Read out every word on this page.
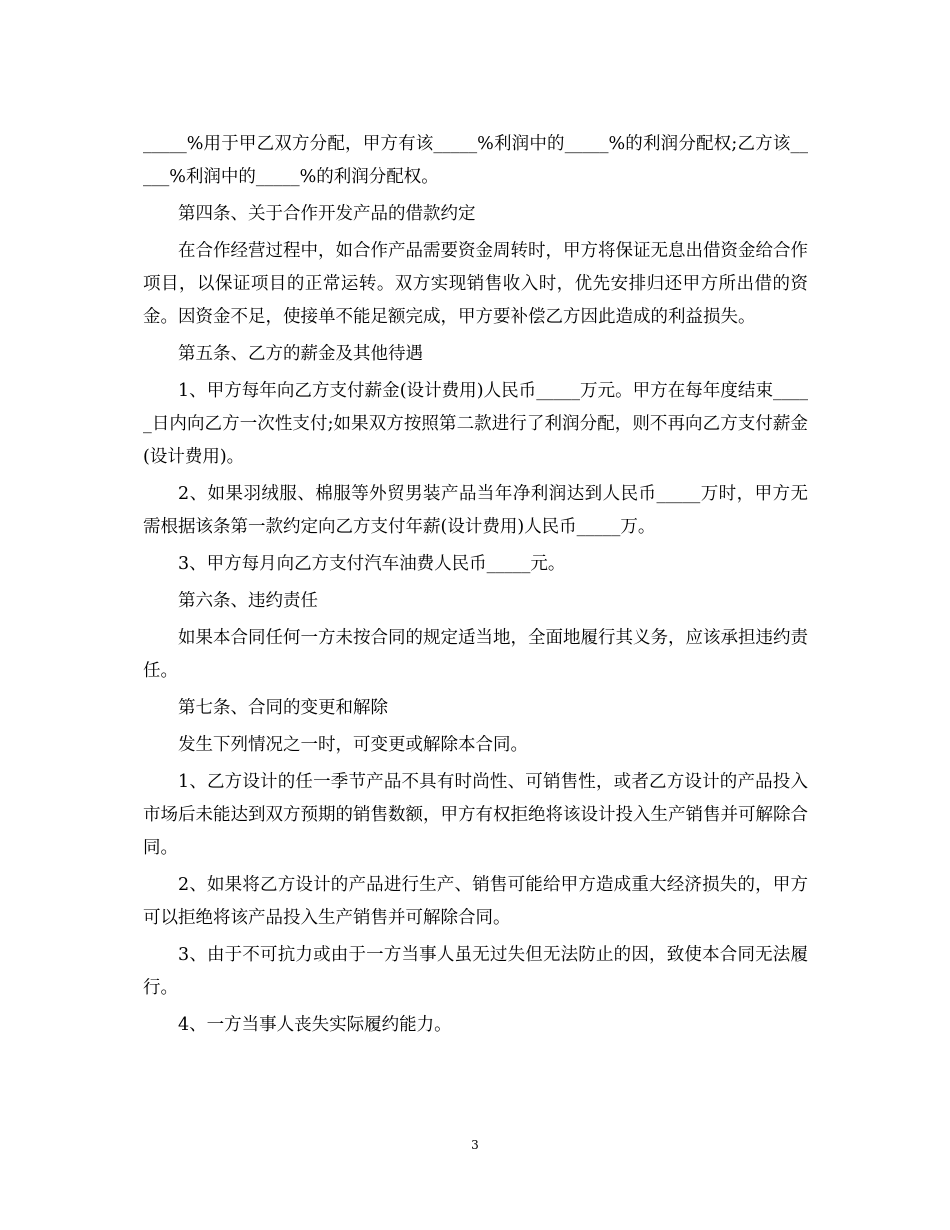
_____%用于甲乙双方分配，甲方有该_____%利润中的_____%的利润分配权;乙方该_____%利润中的_____%的利润分配权。

第四条、关于合作开发产品的借款约定

在合作经营过程中，如合作产品需要资金周转时，甲方将保证无息出借资金给合作项目，以保证项目的正常运转。双方实现销售收入时，优先安排归还甲方所出借的资金。因资金不足，使接单不能足额完成，甲方要补偿乙方因此造成的利益损失。

第五条、乙方的薪金及其他待遇

1、甲方每年向乙方支付薪金(设计费用)人民币_____万元。甲方在每年度结束_____日内向乙方一次性支付;如果双方按照第二款进行了利润分配，则不再向乙方支付薪金(设计费用)。

2、如果羽绒服、棉服等外贸男装产品当年净利润达到人民币_____万时，甲方无需根据该条第一款约定向乙方支付年薪(设计费用)人民币_____万。

3、甲方每月向乙方支付汽车油费人民币_____元。

第六条、违约责任

如果本合同任何一方未按合同的规定适当地，全面地履行其义务，应该承担违约责任。

第七条、合同的变更和解除

发生下列情况之一时，可变更或解除本合同。

1、乙方设计的任一季节产品不具有时尚性、可销售性，或者乙方设计的产品投入市场后未能达到双方预期的销售数额，甲方有权拒绝将该设计投入生产销售并可解除合同。

2、如果将乙方设计的产品进行生产、销售可能给甲方造成重大经济损失的，甲方可以拒绝将该产品投入生产销售并可解除合同。

3、由于不可抗力或由于一方当事人虽无过失但无法防止的因，致使本合同无法履行。

4、一方当事人丧失实际履约能力。

3
